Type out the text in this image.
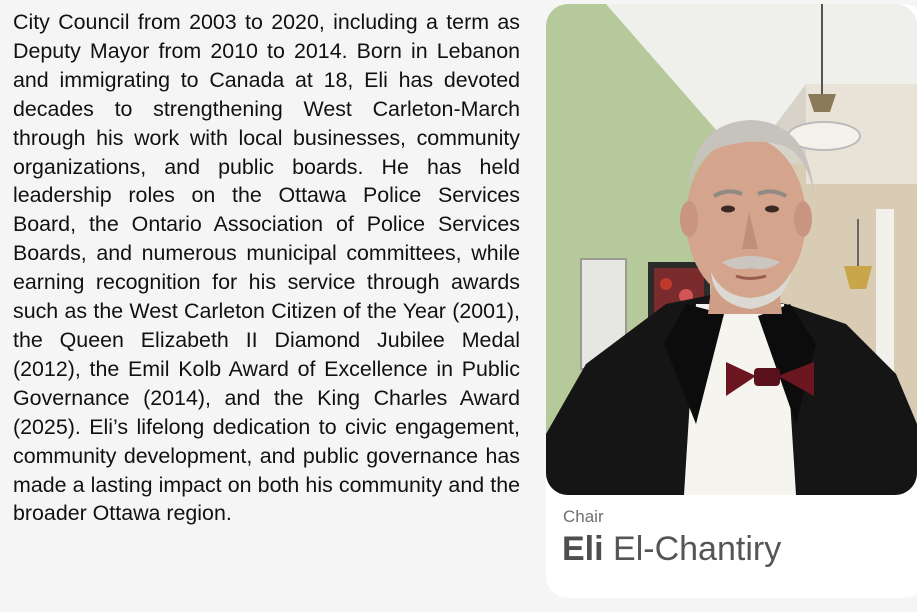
City Council from 2003 to 2020, including a term as Deputy Mayor from 2010 to 2014. Born in Lebanon and immigrating to Canada at 18, Eli has devoted decades to strengthening West Carleton-March through his work with local businesses, community organizations, and public boards. He has held leadership roles on the Ottawa Police Services Board, the Ontario Association of Police Services Boards, and numerous municipal committees, while earning recognition for his service through awards such as the West Carleton Citizen of the Year (2001), the Queen Elizabeth II Diamond Jubilee Medal (2012), the Emil Kolb Award of Excellence in Public Governance (2014), and the King Charles Award (2025). Eli’s lifelong dedication to civic engagement, community development, and public governance has made a lasting impact on both his community and the broader Ottawa region.	Chair
Eli El-Chantiry
